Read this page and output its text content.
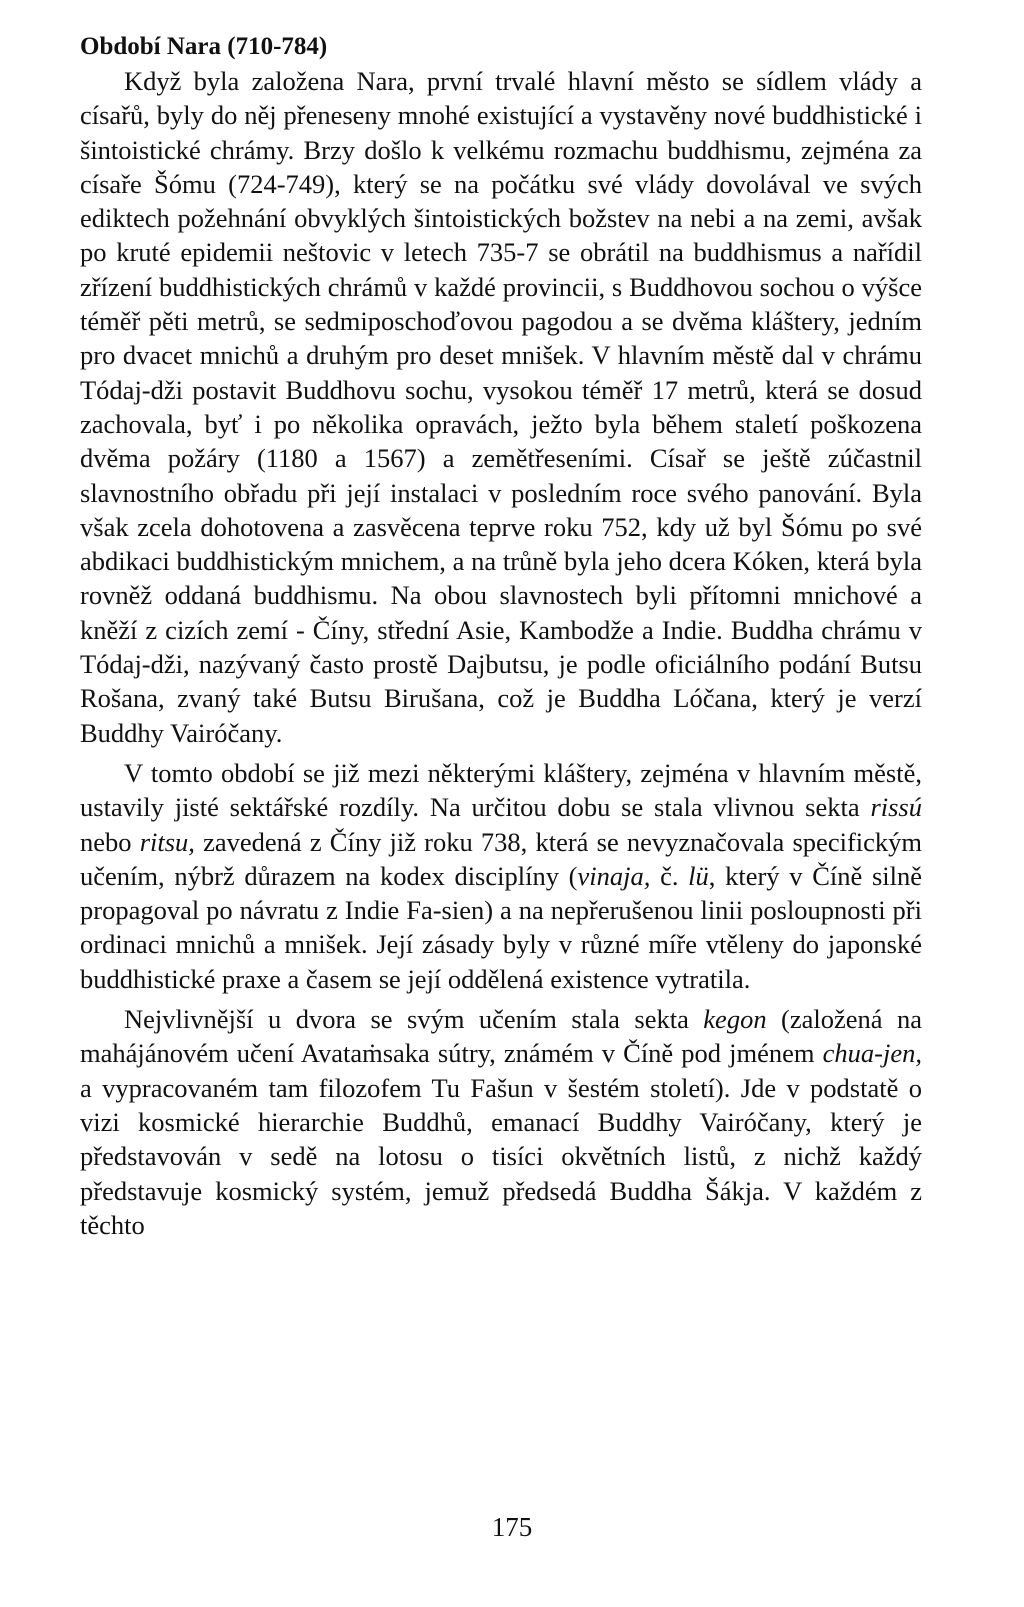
Období Nara (710-784)

Když byla založena Nara, první trvalé hlavní město se sídlem vlády a císařů, byly do něj přeneseny mnohé existující a vystavěny nové buddhistické i šintoistické chrámy. Brzy došlo k velkému rozmachu buddhismu, zejména za císaře Šómu (724-749), který se na počátku své vlády dovolával ve svých ediktech požehnání obvyklých šintoistických božstev na nebi a na zemi, avšak po kruté epidemii neštovic v letech 735-7 se obrátil na buddhismus a nařídil zřízení buddhistických chrámů v každé provincii, s Buddhovou sochou o výšce téměř pěti metrů, se sedmiposchoďovou pagodou a se dvěma kláštery, jedním pro dvacet mnichů a druhým pro deset mnišek. V hlavním městě dal v chrámu Tódaj-dži postavit Buddhovu sochu, vysokou téměř 17 metrů, která se dosud zachovala, byť i po několika opravách, ježto byla během staletí poškozena dvěma požáry (1180 a 1567) a zemětřeseními. Císař se ještě zúčastnil slavnostního obřadu při její instalaci v posledním roce svého panování. Byla však zcela dohotovena a zasvěcena teprve roku 752, kdy už byl Šómu po své abdikaci buddhistickým mnichem, a na trůně byla jeho dcera Kóken, která byla rovněž oddaná buddhismu. Na obou slavnostech byli přítomni mnichové a kněží z cizích zemí - Číny, střední Asie, Kambodže a Indie. Buddha chrámu v Tódaj-dži, nazývaný často prostě Dajbutsu, je podle oficiálního podání Butsu Rošana, zvaný také Butsu Birušana, což je Buddha Lóčana, který je verzí Buddhy Vairóčany.

V tomto období se již mezi některými kláštery, zejména v hlavním městě, ustavily jisté sektářské rozdíly. Na určitou dobu se stala vlivnou sekta rissú nebo ritsu, zavedená z Číny již roku 738, která se nevyznačovala specifickým učením, nýbrž důrazem na kodex disciplíny (vinaja, č. lü, který v Číně silně propagoval po návratu z Indie Fa-sien) a na nepřerušenou linii posloupnosti při ordinaci mnichů a mnišek. Její zásady byly v různé míře vtěleny do japonské buddhistické praxe a časem se její oddělená existence vytratila.

Nejvlivnější u dvora se svým učením stala sekta kegon (založená na mahájánovém učení Avataṁsaka sútry, známém v Číně pod jménem chua-jen, a vypracovaném tam filozofem Tu Fašun v šestém století). Jde v podstatě o vizi kosmické hierarchie Buddhů, emanací Buddhy Vairóčany, který je představován v sedě na lotosu o tisíci okvětních listů, z nichž každý představuje kosmický systém, jemuž předsedá Buddha Šákja. V každém z těchto

175
